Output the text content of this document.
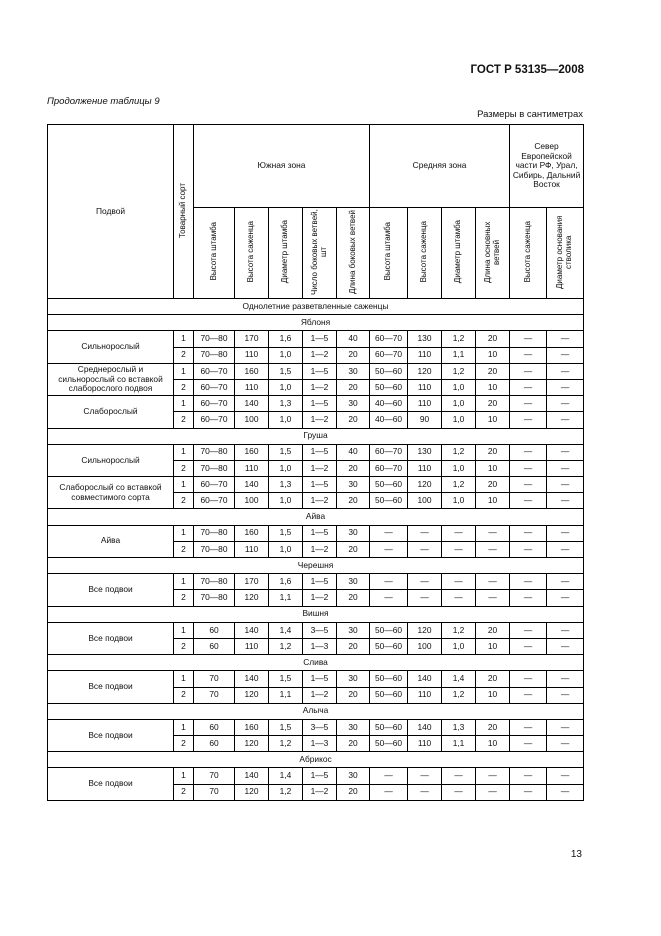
ГОСТ Р 53135—2008
Продолжение таблицы 9
Размеры в сантиметрах
Подвой	Товарный сорт	Южная зона					Средняя зона				Север Европейской части РФ, Урал, Сибирь, Дальний Восток	
		Высота штамба	Высота саженца	Диаметр штамба	Число боковых ветвей, шт	Длина боковых ветвей	Высота штамба	Высота саженца	Диаметр штамба	Длина основных ветвей	Высота саженца	Диаметр основания стволика
Однолетние разветвленные саженцы												
Яблоня												
Сильнорослый	1	70—80	170	1,6	1—5	40	60—70	130	1,2	20	—	—
	2	70—80	110	1,0	1—2	20	60—70	110	1,1	10	—	—
Среднерослый и сильнорослый со вставкой слаборослого подвоя	1	60—70	160	1,5	1—5	30	50—60	120	1,2	20	—	—
	2	60—70	110	1,0	1—2	20	50—60	110	1,0	10	—	—
Слаборослый	1	60—70	140	1,3	1—5	30	40—60	110	1,0	20	—	—
	2	60—70	100	1,0	1—2	20	40—60	90	1,0	10	—	—
Груша												
Сильнорослый	1	70—80	160	1,5	1—5	40	60—70	130	1,2	20	—	—
	2	70—80	110	1,0	1—2	20	60—70	110	1,0	10	—	—
Слаборослый со вставкой совместимого сорта	1	60—70	140	1,3	1—5	30	50—60	120	1,2	20	—	—
	2	60—70	100	1,0	1—2	20	50—60	100	1,0	10	—	—
Айва												
Айва	1	70—80	160	1,5	1—5	30	—	—	—	—	—	—
	2	70—80	110	1,0	1—2	20	—	—	—	—	—	—
Черешня												
Все подвои	1	70—80	170	1,6	1—5	30	—	—	—	—	—	—
	2	70—80	120	1,1	1—2	20	—	—	—	—	—	—
Вишня												
Все подвои	1	60	140	1,4	3—5	30	50—60	120	1,2	20	—	—
	2	60	110	1,2	1—3	20	50—60	100	1,0	10	—	—
Слива												
Все подвои	1	70	140	1,5	1—5	30	50—60	140	1,4	20	—	—
	2	70	120	1,1	1—2	20	50—60	110	1,2	10	—	—
Алыча												
Все подвои	1	60	160	1,5	3—5	30	50—60	140	1,3	20	—	—
	2	60	120	1,2	1—3	20	50—60	110	1,1	10	—	—
Абрикос												
Все подвои	1	70	140	1,4	1—5	30	—	—	—	—	—	—
	2	70	120	1,2	1—2	20	—	—	—	—	—	—
13
